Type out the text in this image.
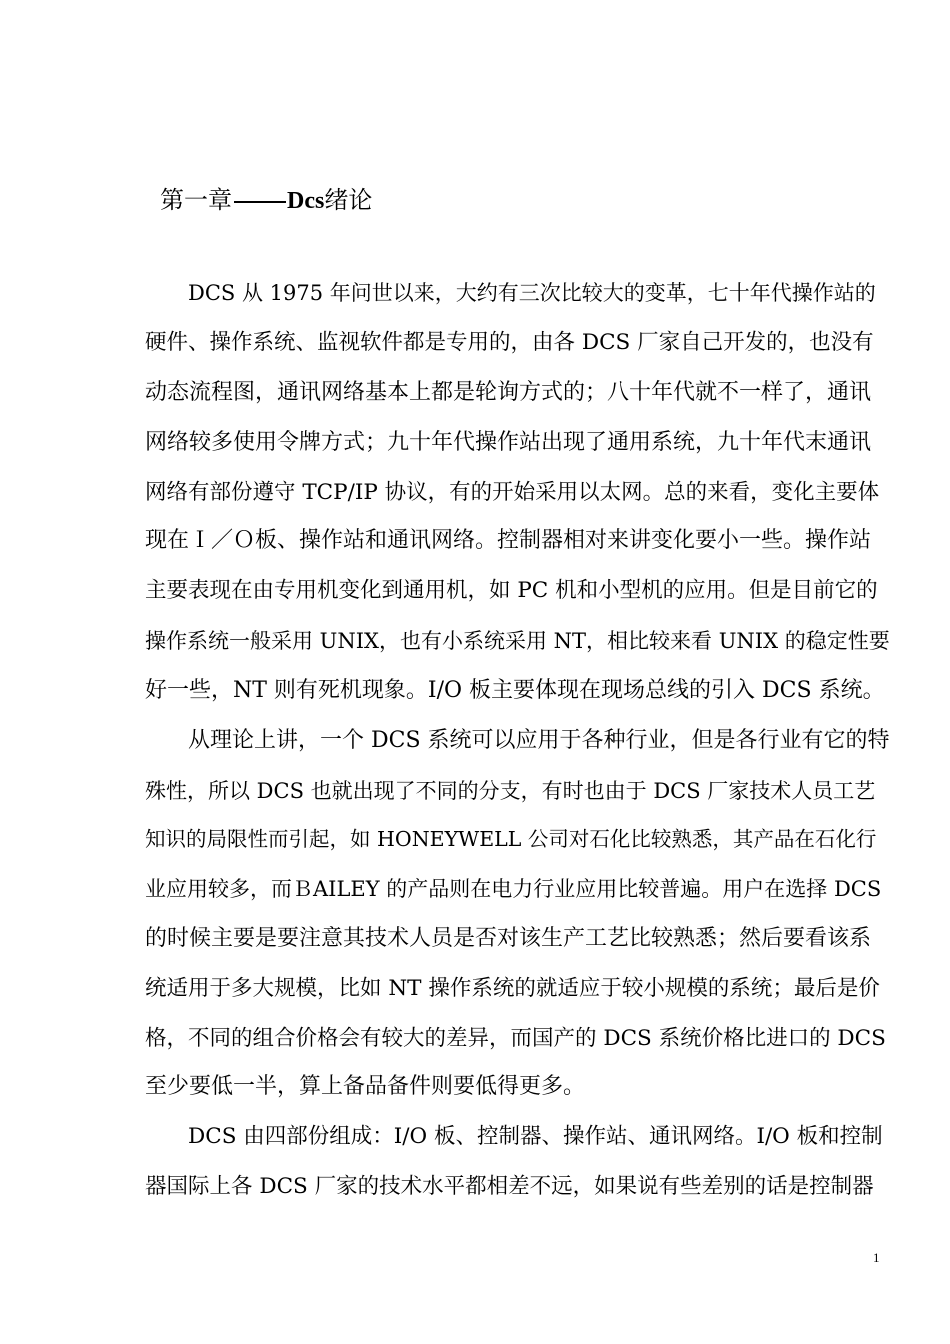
第一章 Dcs绪论
DCS 从 1975 年问世以来，大约有三次比较大的变革，七十年代操作站的
硬件、操作系统、监视软件都是专用的，由各 DCS 厂家自己开发的，也没有
动态流程图，通讯网络基本上都是轮询方式的；八十年代就不一样了，通讯
网络较多使用令牌方式；九十年代操作站出现了通用系统，九十年代末通讯
网络有部份遵守 TCP/IP 协议，有的开始采用以太网。总的来看，变化主要体
现在Ｉ／Ｏ板、操作站和通讯网络。控制器相对来讲变化要小一些。操作站
主要表现在由专用机变化到通用机，如 PC 机和小型机的应用。但是目前它的
操作系统一般采用 UNIX，也有小系统采用 NT，相比较来看 UNIX 的稳定性要
好一些，NT 则有死机现象。I/O 板主要体现在现场总线的引入 DCS 系统。
从理论上讲，一个 DCS 系统可以应用于各种行业，但是各行业有它的特
殊性，所以 DCS 也就出现了不同的分支，有时也由于 DCS 厂家技术人员工艺
知识的局限性而引起，如 HONEYWELL 公司对石化比较熟悉，其产品在石化行
业应用较多，而ＢAILEY 的产品则在电力行业应用比较普遍。用户在选择 DCS
的时候主要是要注意其技术人员是否对该生产工艺比较熟悉；然后要看该系
统适用于多大规模，比如 NT 操作系统的就适应于较小规模的系统；最后是价
格，不同的组合价格会有较大的差异，而国产的 DCS 系统价格比进口的 DCS
至少要低一半，算上备品备件则要低得更多。
DCS 由四部份组成：I/O 板、控制器、操作站、通讯网络。I/O 板和控制
器国际上各 DCS 厂家的技术水平都相差不远，如果说有些差别的话是控制器
1
